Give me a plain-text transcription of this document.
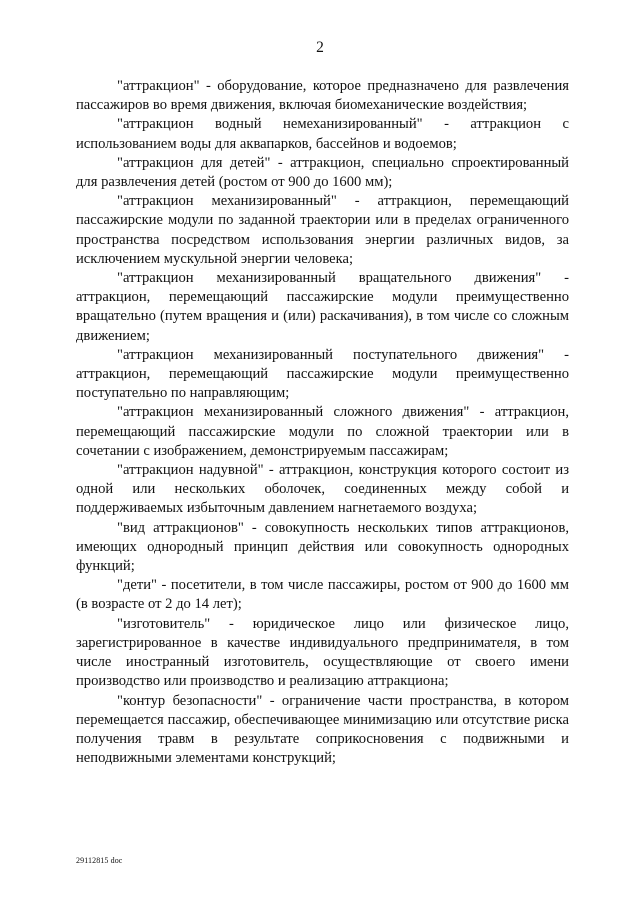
2

"аттракцион" - оборудование, которое предназначено для развлечения пассажиров во время движения, включая биомеханические воздействия;

"аттракцион водный немеханизированный" - аттракцион с использованием воды для аквапарков, бассейнов и водоемов;

"аттракцион для детей" - аттракцион, специально спроектированный для развлечения детей (ростом от 900 до 1600 мм);

"аттракцион механизированный" - аттракцион, перемещающий пассажирские модули по заданной траектории или в пределах ограниченного пространства посредством использования энергии различных видов, за исключением мускульной энергии человека;

"аттракцион механизированный вращательного движения" - аттракцион, перемещающий пассажирские модули преимущественно вращательно (путем вращения и (или) раскачивания), в том числе со сложным движением;

"аттракцион механизированный поступательного движения" - аттракцион, перемещающий пассажирские модули преимущественно поступательно по направляющим;

"аттракцион механизированный сложного движения" - аттракцион, перемещающий пассажирские модули по сложной траектории или в сочетании с изображением, демонстрируемым пассажирам;

"аттракцион надувной" - аттракцион, конструкция которого состоит из одной или нескольких оболочек, соединенных между собой и поддерживаемых избыточным давлением нагнетаемого воздуха;

"вид аттракционов" - совокупность нескольких типов аттракционов, имеющих однородный принцип действия или совокупность однородных функций;

"дети" - посетители, в том числе пассажиры, ростом от 900 до 1600 мм (в возрасте от 2 до 14 лет);

"изготовитель" - юридическое лицо или физическое лицо, зарегистрированное в качестве индивидуального предпринимателя, в том числе иностранный изготовитель, осуществляющие от своего имени производство или производство и реализацию аттракциона;

"контур безопасности" - ограничение части пространства, в котором перемещается пассажир, обеспечивающее минимизацию или отсутствие риска получения травм в результате соприкосновения с подвижными и неподвижными элементами конструкций;

29112815 doc
